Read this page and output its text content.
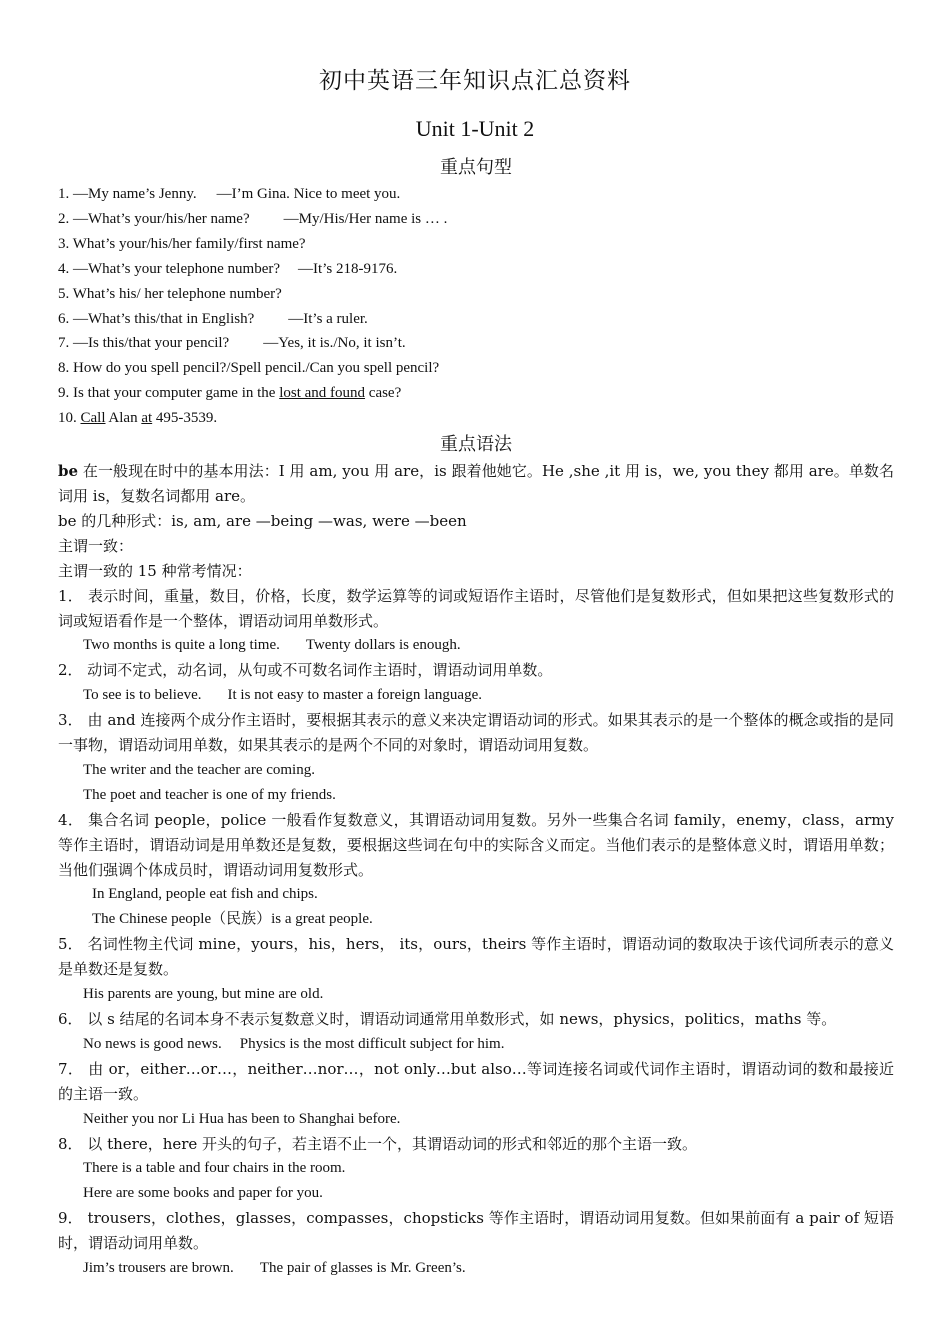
初中英语三年知识点汇总资料
Unit 1-Unit 2

重点句型

1. —My name’s Jenny. —I’m Gina. Nice to meet you.

2. —What’s your/his/her name? —My/His/Her name is … .

3. What’s your/his/her family/first name?

4. —What’s your telephone number? —It’s 218-9176.

5. What’s his/ her telephone number?

6. —What’s this/that in English? —It’s a ruler.

7. —Is this/that your pencil? —Yes, it is./No, it isn’t.

8. How do you spell pencil?/Spell pencil./Can you spell pencil?

9. Is that your computer game in the lost and found case?

10. Call Alan at 495-3539.

重点语法

be 在一般现在时中的基本用法：I 用 am, you 用 are，is 跟着他她它。He ,she ,it 用 is，we, you they 都用 are。单数名词用 is，复数名词都用 are。

be 的几种形式：is, am, are —being —was, were —been

主谓一致：

主谓一致的 15 种常考情况：

1． 表示时间，重量，数目，价格，长度，数学运算等的词或短语作主语时，尽管他们是复数形式，但如果把这些复数形式的词或短语看作是一个整体，谓语动词用单数形式。

Two months is quite a long time. Twenty dollars is enough.

2． 动词不定式，动名词，从句或不可数名词作主语时，谓语动词用单数。

To see is to believe. It is not easy to master a foreign language.

3． 由 and 连接两个成分作主语时，要根据其表示的意义来决定谓语动词的形式。如果其表示的是一个整体的概念或指的是同一事物，谓语动词用单数，如果其表示的是两个不同的对象时，谓语动词用复数。

The writer and the teacher are coming.

The poet and teacher is one of my friends.

4． 集合名词 people，police 一般看作复数意义，其谓语动词用复数。另外一些集合名词 family，enemy，class，army 等作主语时，谓语动词是用单数还是复数，要根据这些词在句中的实际含义而定。当他们表示的是整体意义时，谓语用单数；当他们强调个体成员时，谓语动词用复数形式。

In England, people eat fish and chips.

The Chinese people（民族）is a great people.

5． 名词性物主代词 mine，yours，his，hers， its，ours，theirs 等作主语时，谓语动词的数取决于该代词所表示的意义是单数还是复数。

His parents are young, but mine are old.

6． 以 s 结尾的名词本身不表示复数意义时，谓语动词通常用单数形式，如 news，physics，politics，maths 等。

No news is good news. Physics is the most difficult subject for him.

7． 由 or，either…or…，neither…nor…，not only…but also…等词连接名词或代词作主语时，谓语动词的数和最接近的主语一致。

Neither you nor Li Hua has been to Shanghai before.

8． 以 there，here 开头的句子，若主语不止一个，其谓语动词的形式和邻近的那个主语一致。

There is a table and four chairs in the room.

Here are some books and paper for you.

9． trousers，clothes，glasses，compasses，chopsticks 等作主语时，谓语动词用复数。但如果前面有 a pair of 短语时，谓语动词用单数。

Jim’s trousers are brown. The pair of glasses is Mr. Green’s.
